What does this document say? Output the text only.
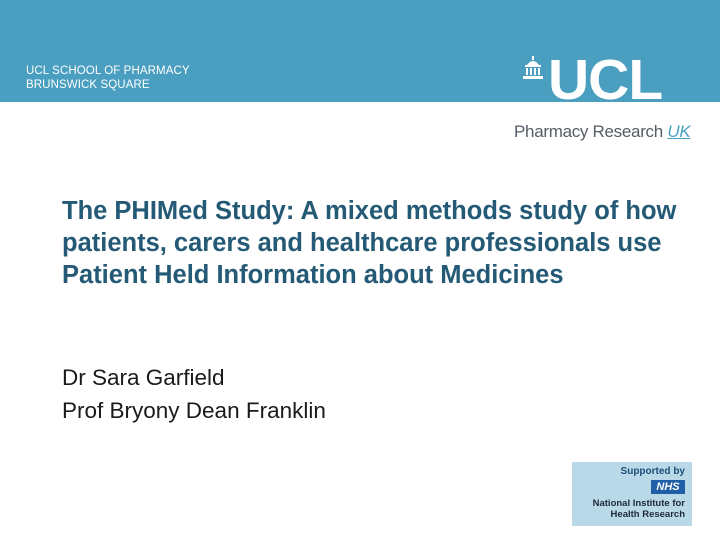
UCL SCHOOL OF PHARMACY
BRUNSWICK SQUARE	UCL
Pharmacy Research UK
The PHIMed Study: A mixed methods study of how patients, carers and healthcare professionals use Patient Held Information about Medicines
Dr Sara Garfield
Prof Bryony Dean Franklin
Supported by
NHS
National Institute for
Health Research
